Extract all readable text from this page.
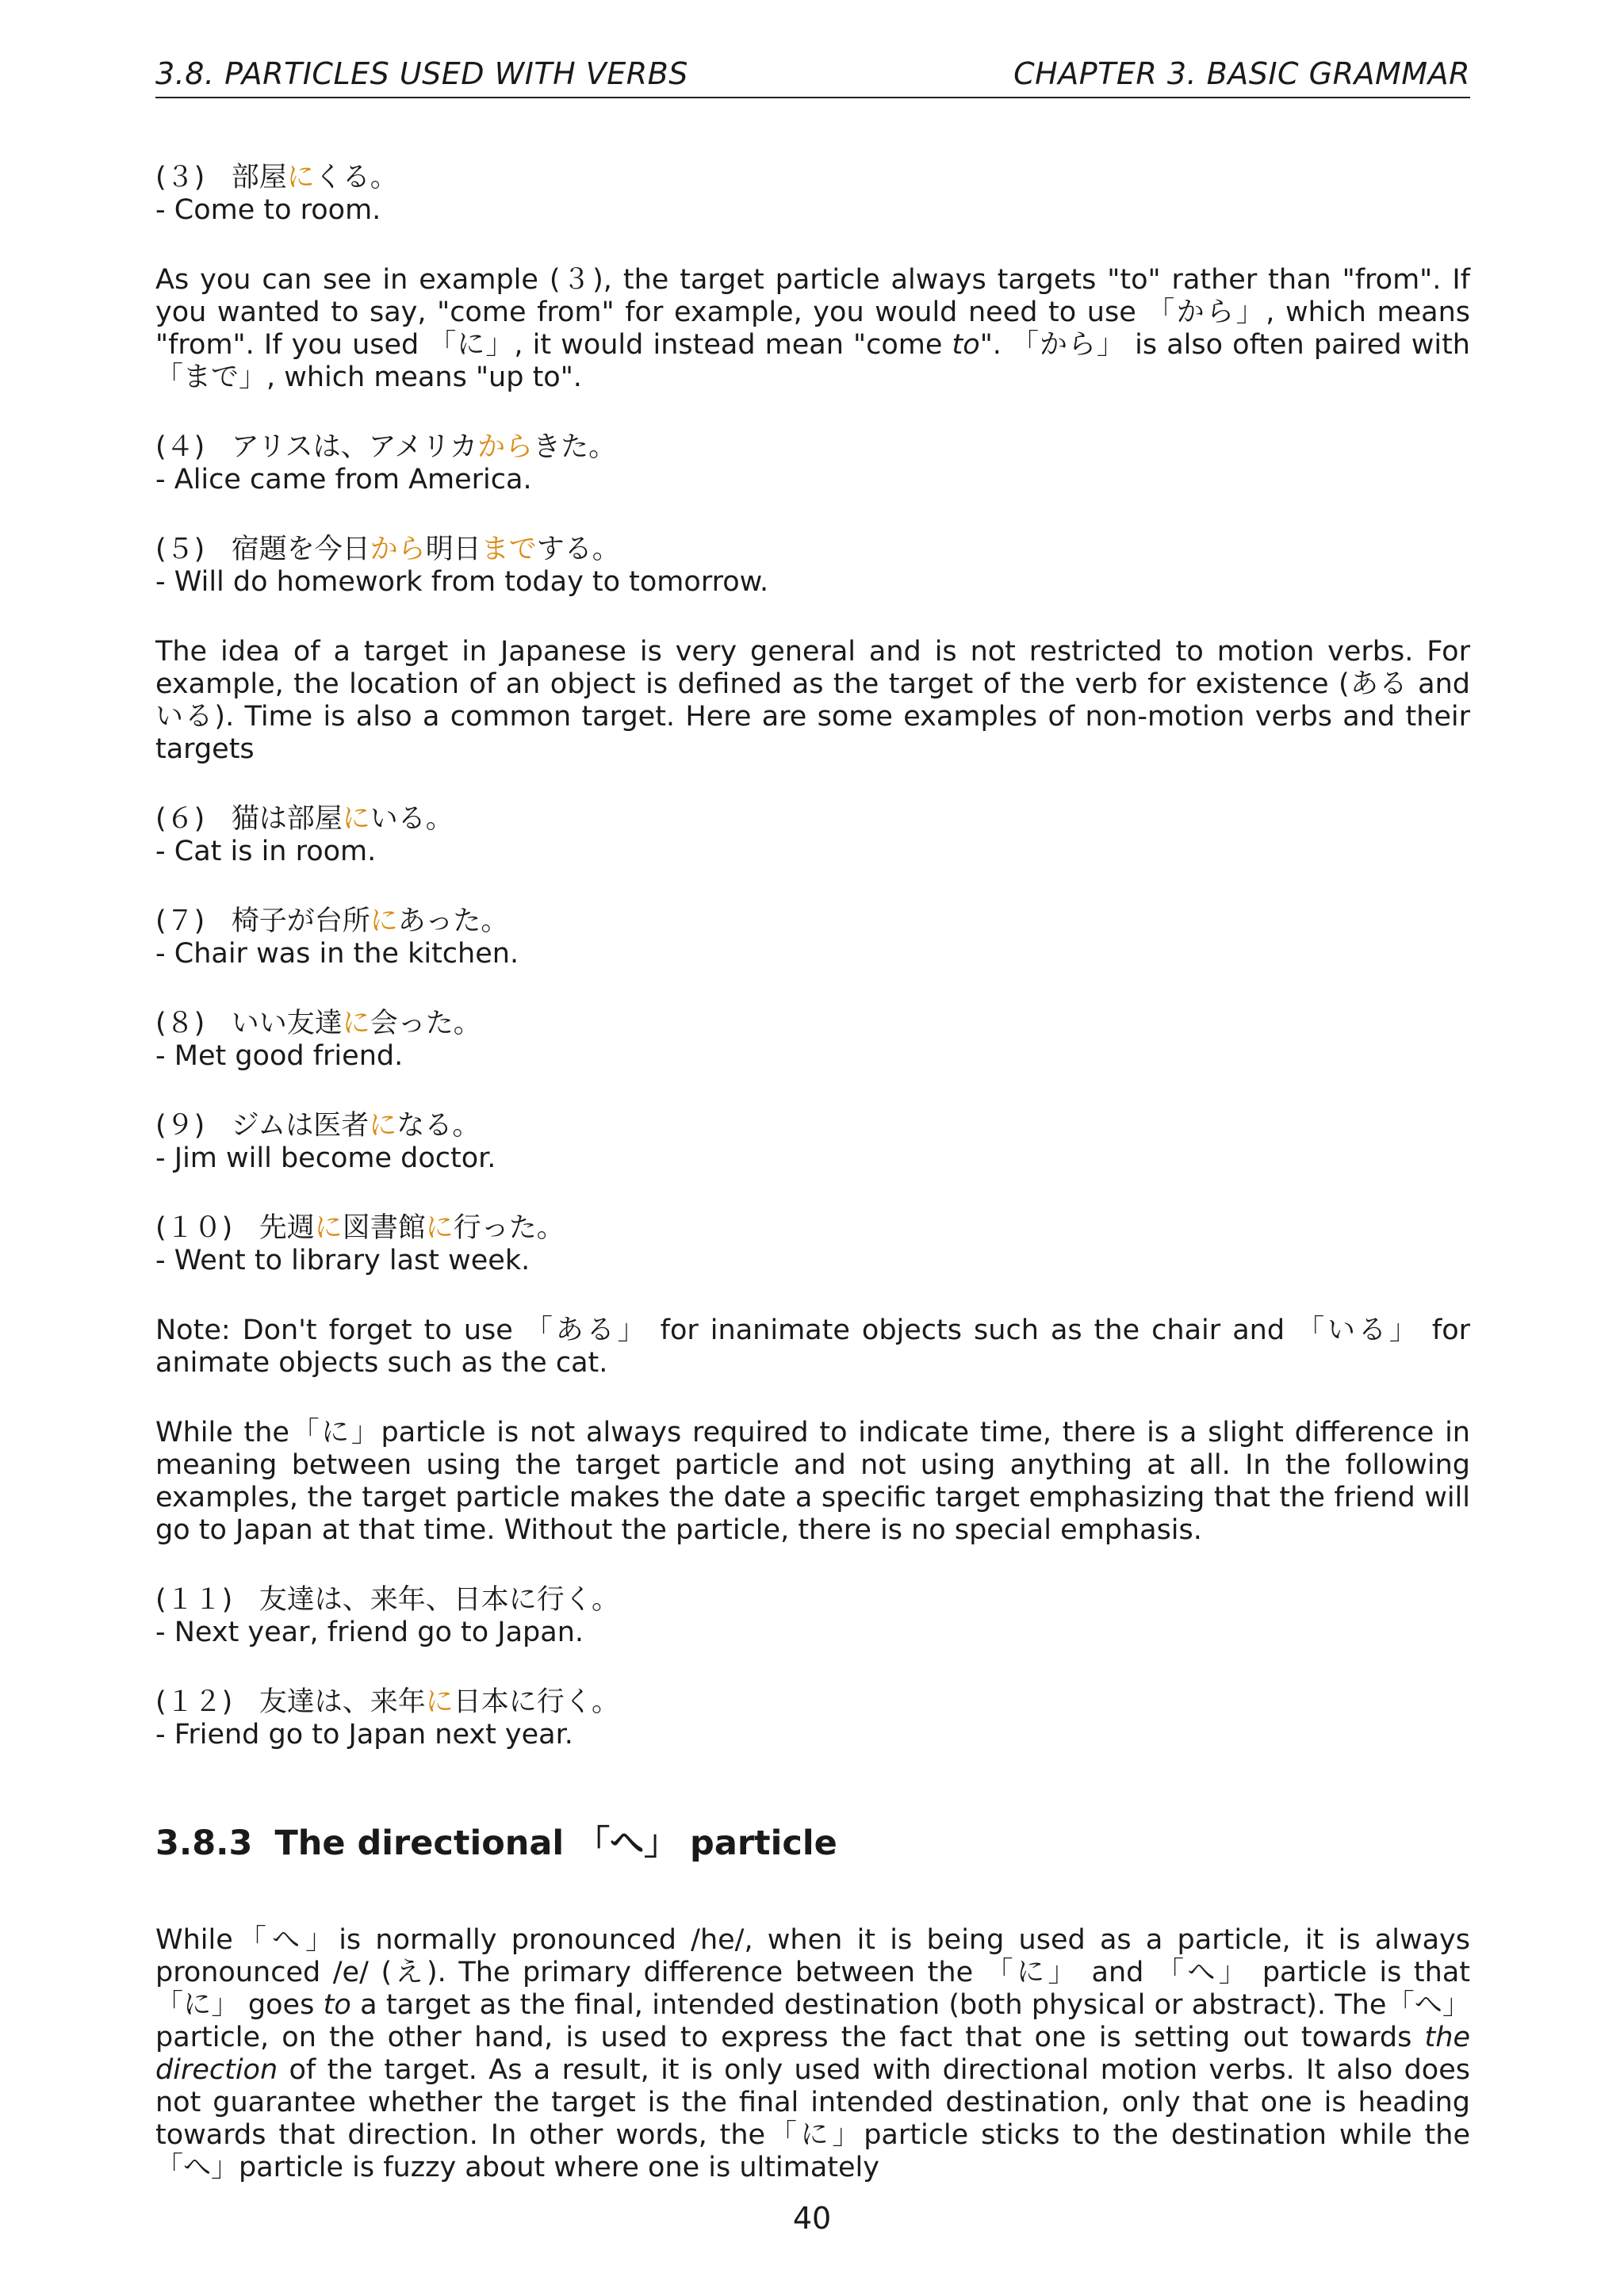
3.8. PARTICLES USED WITH VERBS	CHAPTER 3. BASIC GRAMMAR
(３) 部屋にくる。
- Come to room.

As you can see in example (３), the target particle always targets "to" rather than "from". If you wanted to say, "come from" for example, you would need to use 「から」, which means "from". If you used 「に」, it would instead mean "come to". 「から」 is also often paired with 「まで」, which means "up to".

(４) アリスは、アメリカからきた。
- Alice came from America.
(５) 宿題を今日から明日までする。
- Will do homework from today to tomorrow.

The idea of a target in Japanese is very general and is not restricted to motion verbs. For example, the location of an object is defined as the target of the verb for existence (ある and いる). Time is also a common target. Here are some examples of non-motion verbs and their targets

(６) 猫は部屋にいる。
- Cat is in room.
(７) 椅子が台所にあった。
- Chair was in the kitchen.
(８) いい友達に会った。
- Met good friend.
(９) ジムは医者になる。
- Jim will become doctor.
(１０) 先週に図書館に行った。
- Went to library last week.

Note: Don't forget to use 「ある」 for inanimate objects such as the chair and 「いる」 for animate objects such as the cat.

While the「に」particle is not always required to indicate time, there is a slight difference in meaning between using the target particle and not using anything at all. In the following examples, the target particle makes the date a specific target emphasizing that the friend will go to Japan at that time. Without the particle, there is no special emphasis.

(１１) 友達は、来年、日本に行く。
- Next year, friend go to Japan.
(１２) 友達は、来年に日本に行く。
- Friend go to Japan next year.
3.8.3 The directional 「へ」 particle

While「へ」is normally pronounced /he/, when it is being used as a particle, it is always pronounced /e/ (え). The primary difference between the 「に」 and 「へ」 particle is that 「に」 goes to a target as the final, intended destination (both physical or abstract). The「へ」particle, on the other hand, is used to express the fact that one is setting out towards the direction of the target. As a result, it is only used with directional motion verbs. It also does not guarantee whether the target is the final intended destination, only that one is heading towards that direction. In other words, the「に」particle sticks to the destination while the「へ」particle is fuzzy about where one is ultimately

40
